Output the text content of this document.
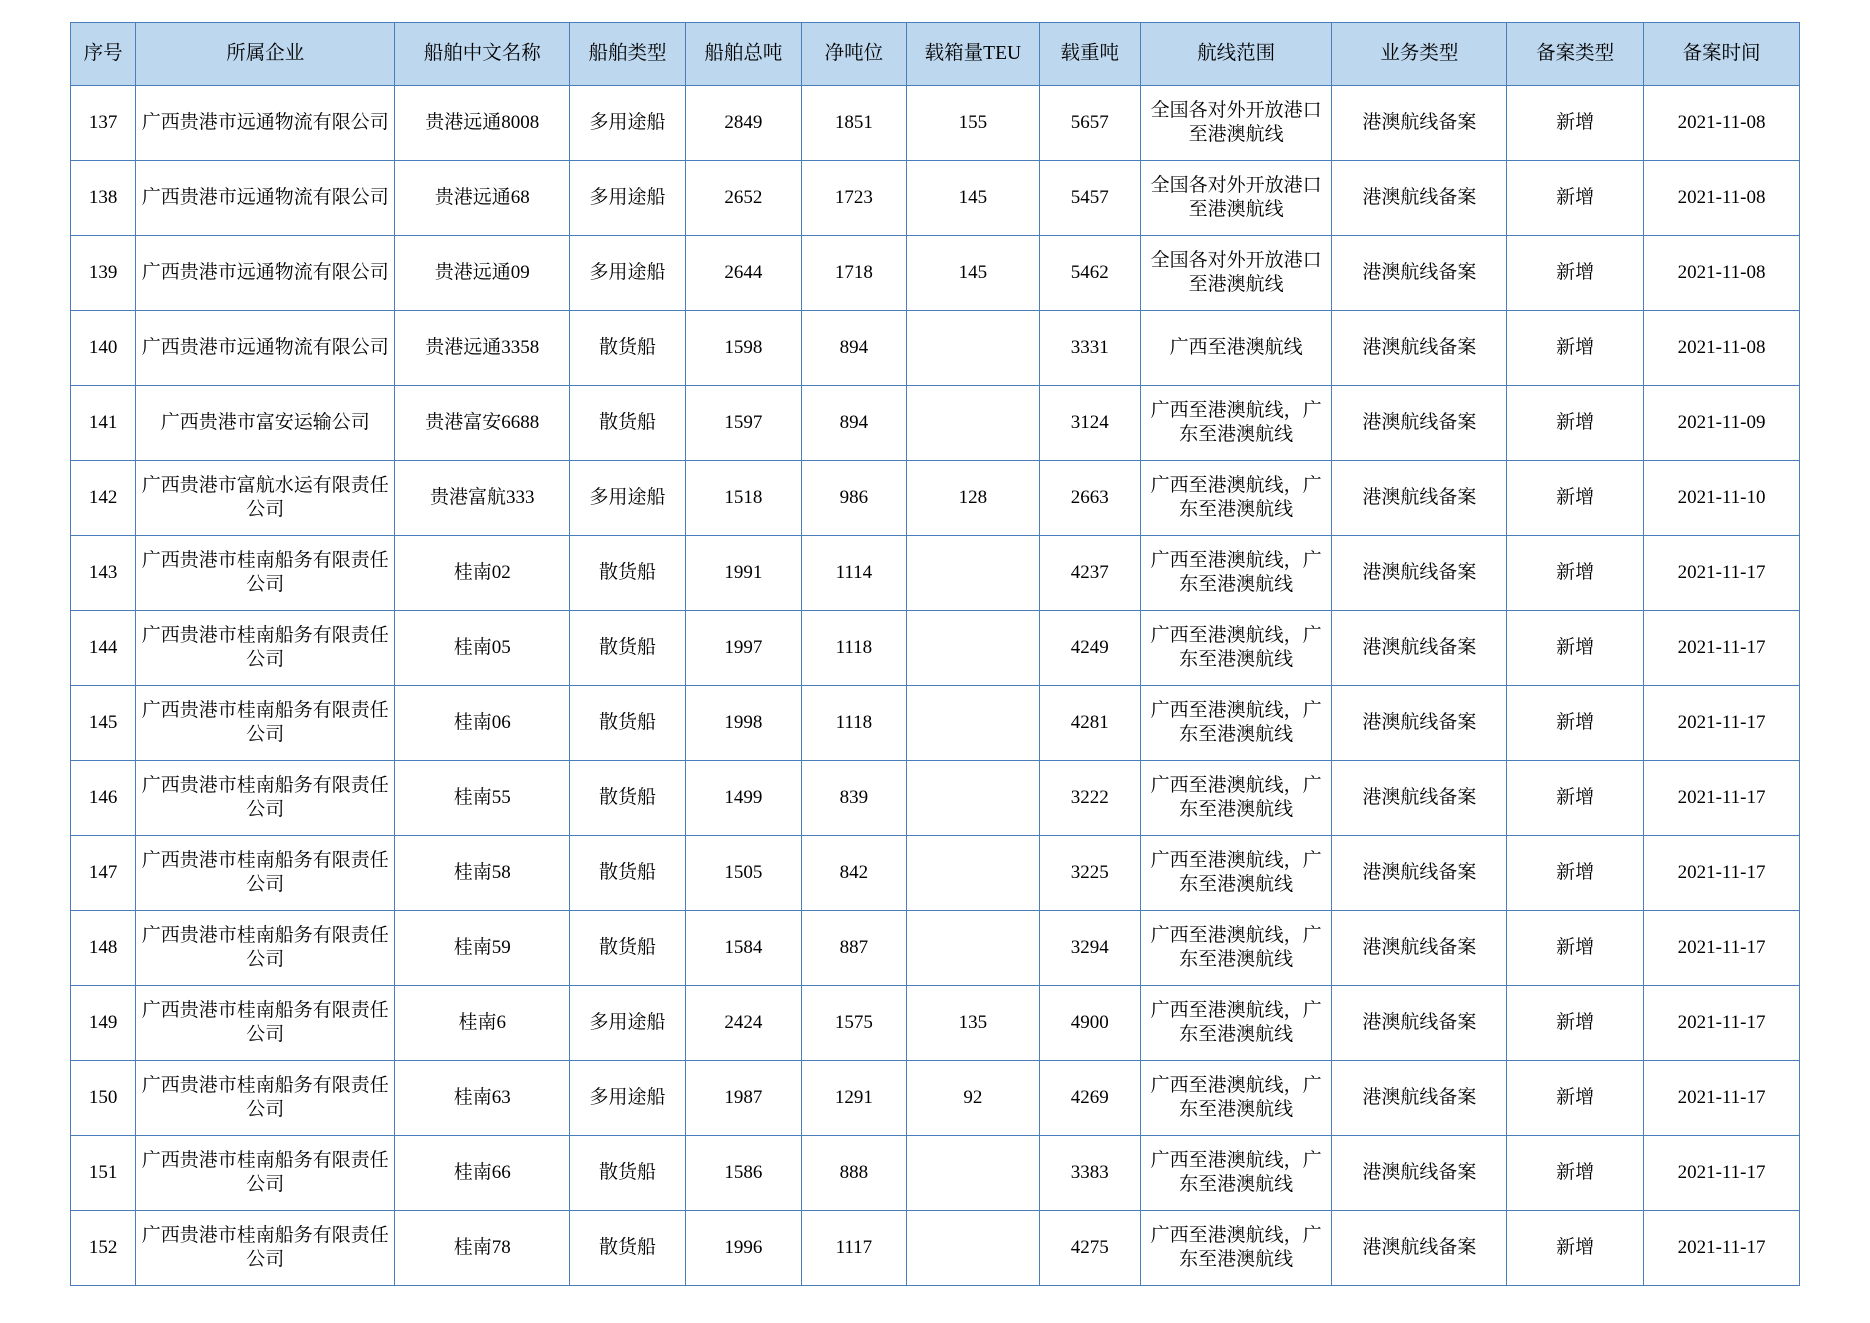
序号	所属企业	船舶中文名称	船舶类型	船舶总吨	净吨位	载箱量TEU	载重吨	航线范围	业务类型	备案类型	备案时间
137	广西贵港市远通物流有限公司	贵港远通8008	多用途船	2849	1851	155	5657	全国各对外开放港口至港澳航线	港澳航线备案	新增	2021-11-08
138	广西贵港市远通物流有限公司	贵港远通68	多用途船	2652	1723	145	5457	全国各对外开放港口至港澳航线	港澳航线备案	新增	2021-11-08
139	广西贵港市远通物流有限公司	贵港远通09	多用途船	2644	1718	145	5462	全国各对外开放港口至港澳航线	港澳航线备案	新增	2021-11-08
140	广西贵港市远通物流有限公司	贵港远通3358	散货船	1598	894		3331	广西至港澳航线	港澳航线备案	新增	2021-11-08
141	广西贵港市富安运输公司	贵港富安6688	散货船	1597	894		3124	广西至港澳航线，广东至港澳航线	港澳航线备案	新增	2021-11-09
142	广西贵港市富航水运有限责任公司	贵港富航333	多用途船	1518	986	128	2663	广西至港澳航线，广东至港澳航线	港澳航线备案	新增	2021-11-10
143	广西贵港市桂南船务有限责任公司	桂南02	散货船	1991	1114		4237	广西至港澳航线，广东至港澳航线	港澳航线备案	新增	2021-11-17
144	广西贵港市桂南船务有限责任公司	桂南05	散货船	1997	1118		4249	广西至港澳航线，广东至港澳航线	港澳航线备案	新增	2021-11-17
145	广西贵港市桂南船务有限责任公司	桂南06	散货船	1998	1118		4281	广西至港澳航线，广东至港澳航线	港澳航线备案	新增	2021-11-17
146	广西贵港市桂南船务有限责任公司	桂南55	散货船	1499	839		3222	广西至港澳航线，广东至港澳航线	港澳航线备案	新增	2021-11-17
147	广西贵港市桂南船务有限责任公司	桂南58	散货船	1505	842		3225	广西至港澳航线，广东至港澳航线	港澳航线备案	新增	2021-11-17
148	广西贵港市桂南船务有限责任公司	桂南59	散货船	1584	887		3294	广西至港澳航线，广东至港澳航线	港澳航线备案	新增	2021-11-17
149	广西贵港市桂南船务有限责任公司	桂南6	多用途船	2424	1575	135	4900	广西至港澳航线，广东至港澳航线	港澳航线备案	新增	2021-11-17
150	广西贵港市桂南船务有限责任公司	桂南63	多用途船	1987	1291	92	4269	广西至港澳航线，广东至港澳航线	港澳航线备案	新增	2021-11-17
151	广西贵港市桂南船务有限责任公司	桂南66	散货船	1586	888		3383	广西至港澳航线，广东至港澳航线	港澳航线备案	新增	2021-11-17
152	广西贵港市桂南船务有限责任公司	桂南78	散货船	1996	1117		4275	广西至港澳航线，广东至港澳航线	港澳航线备案	新增	2021-11-17
